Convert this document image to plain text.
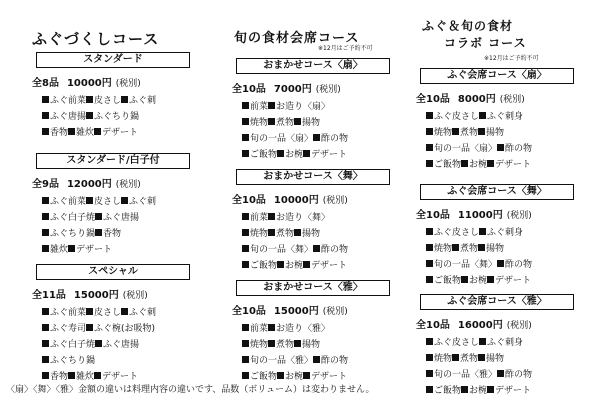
ふぐづくしコース
スタンダード
全8品 10000円 (税別)
ふぐ前菜 皮さし ふぐ刺
ふぐ唐揚 ふぐちり鍋
香物 雑炊 デザート
スタンダード/白子付
全9品 12000円 (税別)
ふぐ前菜 皮さし ふぐ刺
ふぐ白子焼 ふぐ唐揚
ふぐちり鍋 香物
雑炊 デザート
スペシャル
全11品 15000円 (税別)
ふぐ前菜 皮さし ふぐ刺
ふぐ寿司 ふぐ椀(お吸物)
ふぐ白子焼 ふぐ唐揚
ふぐちり鍋
香物 雑炊 デザート
旬の食材会席コース
※12月はご予約不可
おまかせコース〈扇〉
全10品 7000円 (税別)
前菜 お造り〈扇〉
焼物 煮物 揚物
旬の一品〈扇〉 酢の物
ご飯物 お椀 デザート
おまかせコース〈舞〉
全10品 10000円 (税別)
前菜 お造り〈舞〉
焼物 煮物 揚物
旬の一品〈舞〉 酢の物
ご飯物 お椀 デザート
おまかせコース〈雅〉
全10品 15000円 (税別)
前菜 お造り〈雅〉
焼物 煮物 揚物
旬の一品〈雅〉 酢の物
ご飯物 お椀 デザート
ふぐ＆旬の食材
コラボ コース
※12月はご予約不可
ふぐ会席コース〈扇〉
全10品 8000円 (税別)
ふぐ皮さし ふぐ刺身
焼物 煮物 揚物
旬の一品〈扇〉 酢の物
ご飯物 お椀 デザート
ふぐ会席コース〈舞〉
全10品 11000円 (税別)
ふぐ皮さし ふぐ刺身
焼物 煮物 揚物
旬の一品〈舞〉 酢の物
ご飯物 お椀 デザート
ふぐ会席コース〈雅〉
全10品 16000円 (税別)
ふぐ皮さし ふぐ刺身
焼物 煮物 揚物
旬の一品〈雅〉 酢の物
ご飯物 お椀 デザート
〈扇〉〈舞〉〈雅〉金額の違いは料理内容の違いです、品数（ボリューム）は変わりません。
